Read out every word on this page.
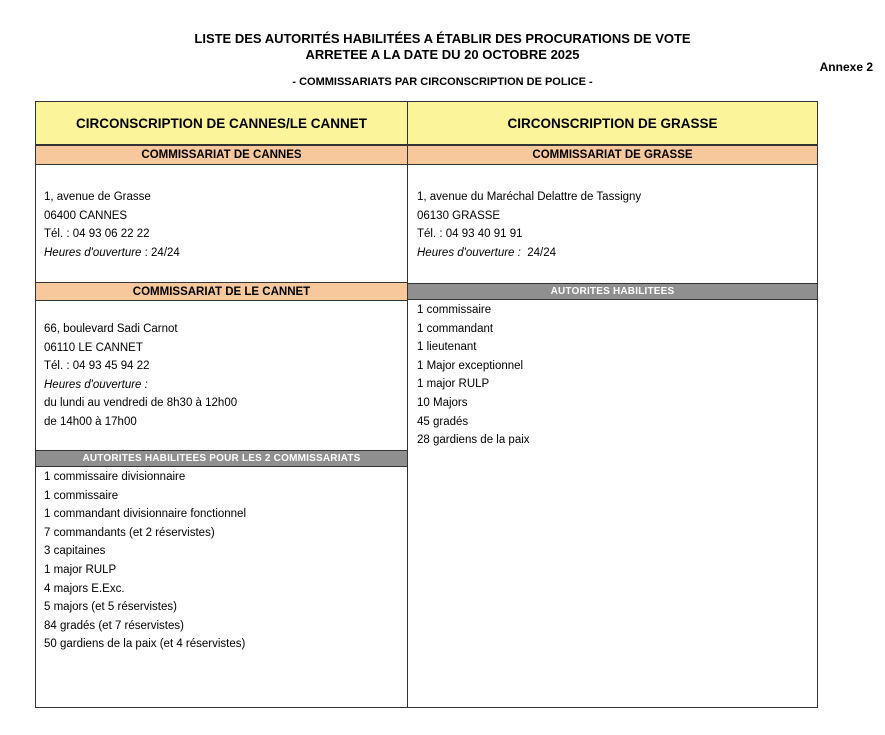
LISTE DES AUTORITÉS HABILITÉES A ÉTABLIR DES PROCURATIONS DE VOTE
ARRETEE A LA DATE DU 20 OCTOBRE 2025
- COMMISSARIATS PAR CIRCONSCRIPTION DE POLICE -
Annexe 2
CIRCONSCRIPTION DE CANNES/LE CANNET
COMMISSARIAT DE CANNES
1, avenue de Grasse
06400 CANNES
Tél. : 04 93 06 22 22
Heures d'ouverture : 24/24
COMMISSARIAT DE LE CANNET
66, boulevard Sadi Carnot
06110 LE CANNET
Tél. : 04 93 45 94 22
Heures d'ouverture :
du lundi au vendredi de 8h30 à 12h00
de 14h00 à 17h00
AUTORITES HABILITEES POUR LES 2 COMMISSARIATS
1 commissaire divisionnaire
1 commissaire
1 commandant divisionnaire fonctionnel
7 commandants (et 2 réservistes)
3 capitaines
1 major RULP
4 majors E.Exc.
5 majors (et 5 réservistes)
84 gradés (et 7 réservistes)
50 gardiens de la paix (et 4 réservistes)
CIRCONSCRIPTION DE GRASSE
COMMISSARIAT DE GRASSE
1, avenue du Maréchal Delattre de Tassigny
06130 GRASSE
Tél. : 04 93 40 91 91
Heures d'ouverture :  24/24
AUTORITES HABILITEES
1 commissaire
1 commandant
1 lieutenant
1 Major exceptionnel
1 major RULP
10 Majors
45 gradés
28 gardiens de la paix
